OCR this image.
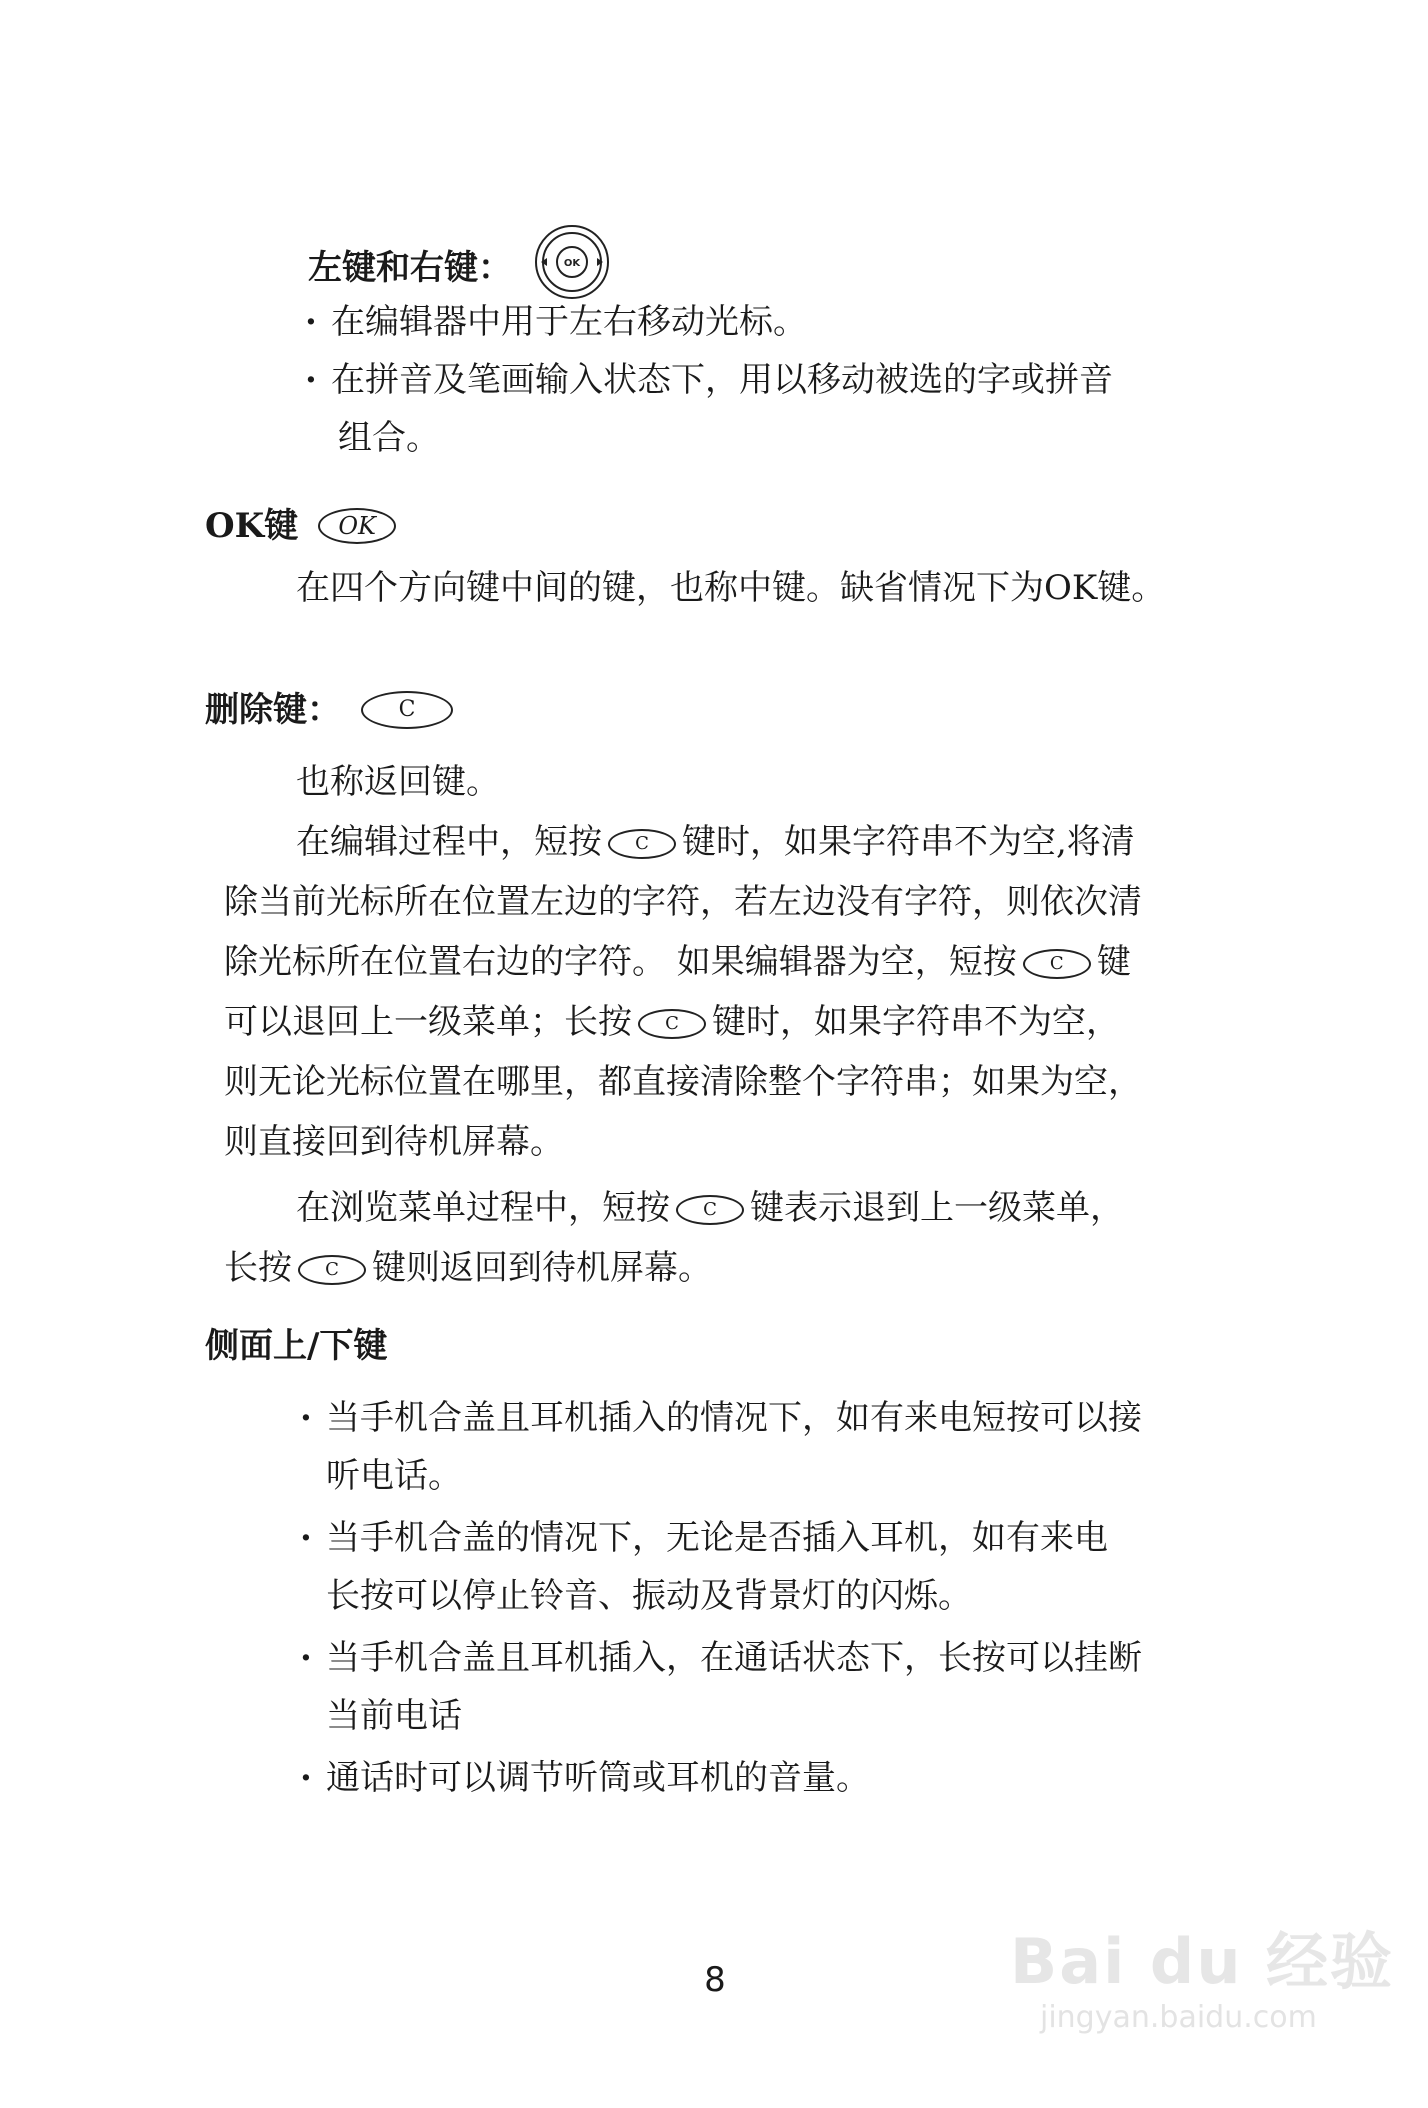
左键和右键：	OK
· 在编辑器中用于左右移动光标。
· 在拼音及笔画输入状态下，用以移动被选的字或拼音
组合。
OK键	OK
在四个方向键中间的键，也称中键。缺省情况下为OK键。
删除键：	C
也称返回键。
在编辑过程中，短按 C 键时，如果字符串不为空,将清
除当前光标所在位置左边的字符，若左边没有字符，则依次清
除光标所在位置右边的字符。 如果编辑器为空，短按 C 键
可以退回上一级菜单；长按 C 键时，如果字符串不为空，
则无论光标位置在哪里，都直接清除整个字符串；如果为空，
则直接回到待机屏幕。
在浏览菜单过程中，短按 C 键表示退到上一级菜单，
长按 C 键则返回到待机屏幕。
侧面上/下键
· 当手机合盖且耳机插入的情况下，如有来电短按可以接
听电话。
· 当手机合盖的情况下，无论是否插入耳机，如有来电
长按可以停止铃音、振动及背景灯的闪烁。
· 当手机合盖且耳机插入，在通话状态下，长按可以挂断
当前电话
· 通话时可以调节听筒或耳机的音量。
8	Bai du 经验
jingyan.baidu.com
